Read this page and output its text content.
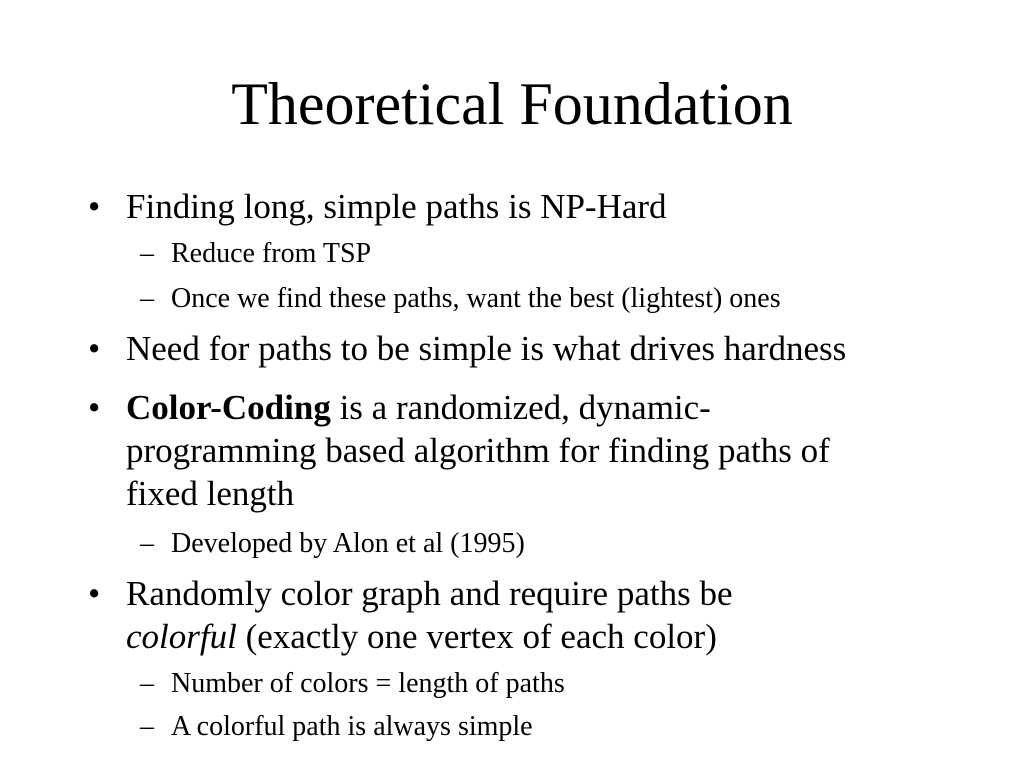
Theoretical Foundation
• Finding long, simple paths is NP-Hard
– Reduce from TSP
– Once we find these paths, want the best (lightest) ones
• Need for paths to be simple is what drives hardness
• Color-Coding is a randomized, dynamic-
programming based algorithm for finding paths of
fixed length
– Developed by Alon et al (1995)
• Randomly color graph and require paths be
colorful (exactly one vertex of each color)
– Number of colors = length of paths
– A colorful path is always simple
